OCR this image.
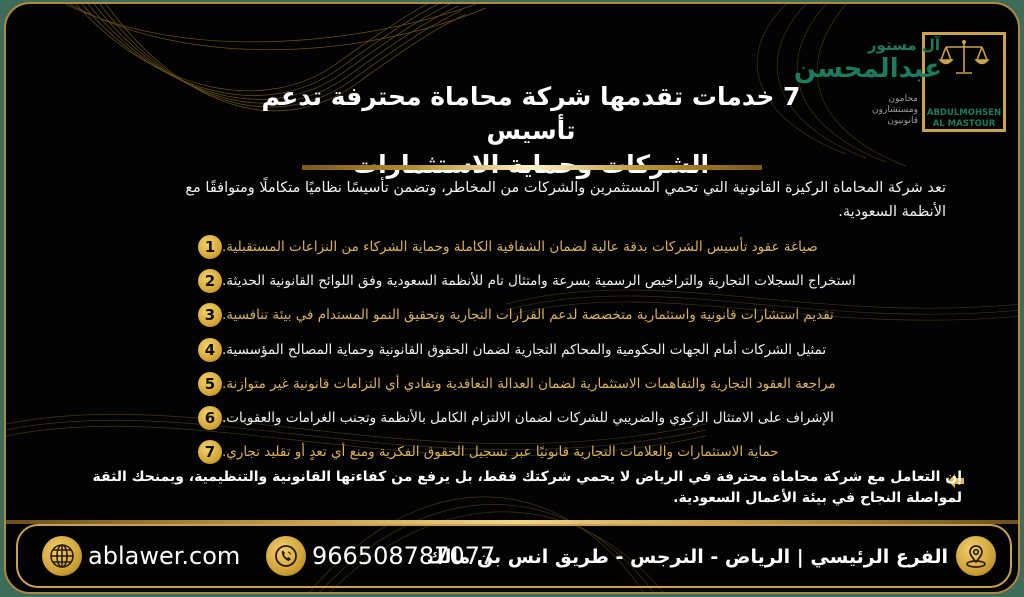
ABDULMOHSEN
AL MASTOUR
آل مستور
عبدالمحسن
محامون
ومستشارون
قانونيون
7 خدمات تقدمها شركة محاماة محترفة تدعم تأسيس
تعد شركة المحاماة الركيزة القانونية التي تحمي المستثمرين والشركات من المخاطر، وتضمن تأسيسًا نظاميًا متكاملًا ومتوافقًا مع الأنظمة السعودية.
1 صياغة عقود تأسيس الشركات بدقة عالية لضمان الشفافية الكاملة وحماية الشركاء من النزاعات المستقبلية.
2 استخراج السجلات التجارية والتراخيص الرسمية بسرعة وامتثال تام للأنظمة السعودية وفق اللوائح القانونية الحديثة.
3 تقديم استشارات قانونية واستثمارية متخصصة لدعم القرارات التجارية وتحقيق النمو المستدام في بيئة تنافسية.
4 تمثيل الشركات أمام الجهات الحكومية والمحاكم التجارية لضمان الحقوق القانونية وحماية المصالح المؤسسية.
5 مراجعة العقود التجارية والتفاهمات الاستثمارية لضمان العدالة التعاقدية وتفادي أي التزامات قانونية غير متوازنة.
6 الإشراف على الامتثال الزكوي والضريبي للشركات لضمان الالتزام الكامل بالأنظمة وتجنب الغرامات والعقوبات.
7 حماية الاستثمارات والعلامات التجارية قانونيًا عبر تسجيل الحقوق الفكرية ومنع أي تعدٍ أو تقليد تجاري.
إن التعامل مع شركة محاماة محترفة في الرياض لا يحمي شركتك فقط، بل يرفع من كفاءتها القانونية والتنظيمية، ويمنحك الثقة لمواصلة النجاح في بيئة الأعمال السعودية.
ablawer.com	966508787077
الفرع الرئيسي | الرياض - النرجس - طريق انس بن مالك
